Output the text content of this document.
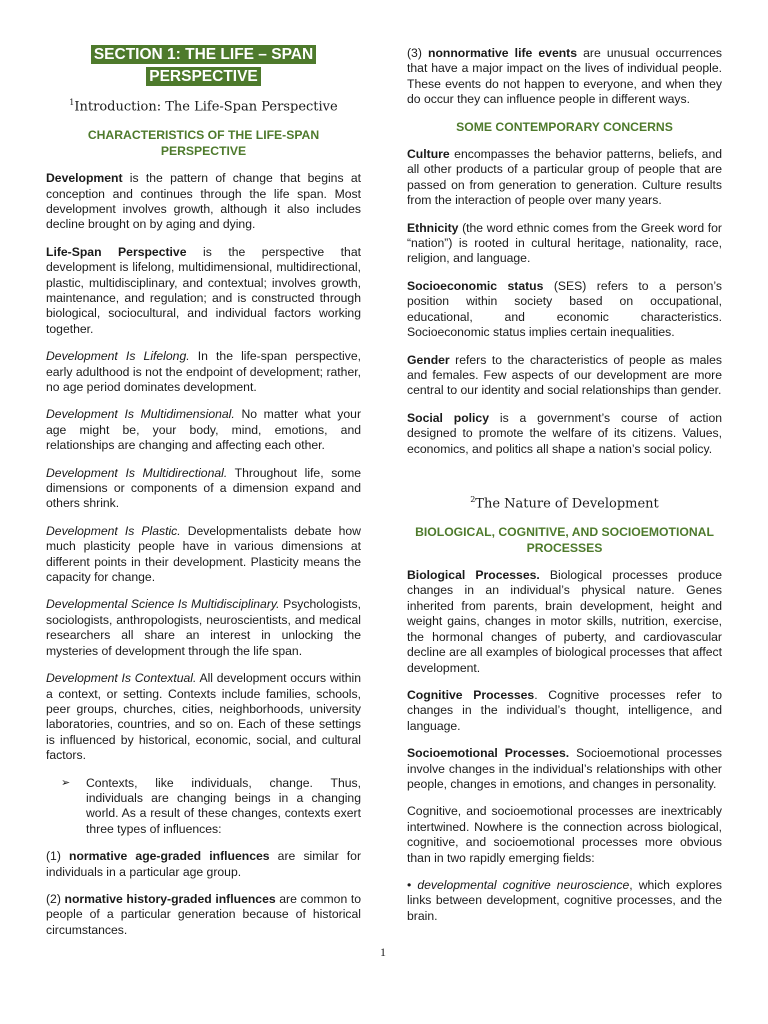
SECTION 1: THE LIFE – SPAN
PERSPECTIVE
$^1$Introduction: The Life-Span Perspective
CHARACTERISTICS OF THE LIFE-SPAN PERSPECTIVE

Development is the pattern of change that begins at conception and continues through the life span. Most development involves growth, although it also includes decline brought on by aging and dying.

Life-Span Perspective is the perspective that development is lifelong, multidimensional, multidirectional, plastic, multidisciplinary, and contextual; involves growth, maintenance, and regulation; and is constructed through biological, sociocultural, and individual factors working together.

Development Is Lifelong. In the life-span perspective, early adulthood is not the endpoint of development; rather, no age period dominates development.

Development Is Multidimensional. No matter what your age might be, your body, mind, emotions, and relationships are changing and affecting each other.

Development Is Multidirectional. Throughout life, some dimensions or components of a dimension expand and others shrink.

Development Is Plastic. Developmentalists debate how much plasticity people have in various dimensions at different points in their development. Plasticity means the capacity for change.

Developmental Science Is Multidisciplinary. Psychologists, sociologists, anthropologists, neuroscientists, and medical researchers all share an interest in unlocking the mysteries of development through the life span.

Development Is Contextual. All development occurs within a context, or setting. Contexts include families, schools, peer groups, churches, cities, neighborhoods, university laboratories, countries, and so on. Each of these settings is influenced by historical, economic, social, and cultural factors.

➢	Contexts, like individuals, change. Thus, individuals are changing beings in a changing world. As a result of these changes, contexts exert three types of influences:

(1) normative age-graded influences are similar for individuals in a particular age group.

(2) normative history-graded influences are common to people of a particular generation because of historical circumstances.

(3) nonnormative life events are unusual occurrences that have a major impact on the lives of individual people. These events do not happen to everyone, and when they do occur they can influence people in different ways.

SOME CONTEMPORARY CONCERNS

Culture encompasses the behavior patterns, beliefs, and all other products of a particular group of people that are passed on from generation to generation. Culture results from the interaction of people over many years.

Ethnicity (the word ethnic comes from the Greek word for “nation”) is rooted in cultural heritage, nationality, race, religion, and language.

Socioeconomic status (SES) refers to a person’s position within society based on occupational, educational, and economic characteristics. Socioeconomic status implies certain inequalities.

Gender refers to the characteristics of people as males and females. Few aspects of our development are more central to our identity and social relationships than gender.

Social policy is a government’s course of action designed to promote the welfare of its citizens. Values, economics, and politics all shape a nation’s social policy.

$^2$The Nature of Development
BIOLOGICAL, COGNITIVE, AND SOCIOEMOTIONAL PROCESSES

Biological Processes. Biological processes produce changes in an individual’s physical nature. Genes inherited from parents, brain development, height and weight gains, changes in motor skills, nutrition, exercise, the hormonal changes of puberty, and cardiovascular decline are all examples of biological processes that affect development.

Cognitive Processes. Cognitive processes refer to changes in the individual’s thought, intelligence, and language.

Socioemotional Processes. Socioemotional processes involve changes in the individual’s relationships with other people, changes in emotions, and changes in personality.

Cognitive, and socioemotional processes are inextricably intertwined. Nowhere is the connection across biological, cognitive, and socioemotional processes more obvious than in two rapidly emerging fields:

• developmental cognitive neuroscience, which explores links between development, cognitive processes, and the brain.

1
